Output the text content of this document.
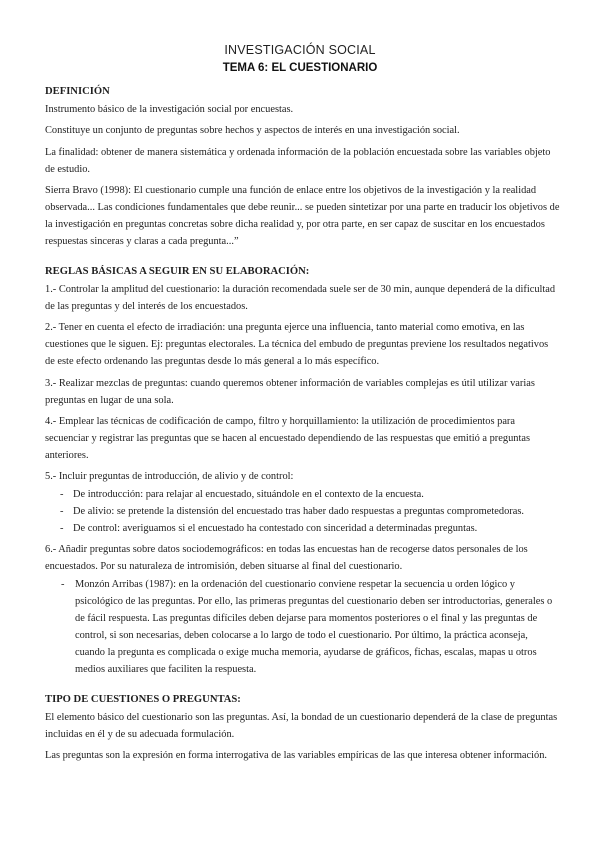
INVESTIGACIÓN SOCIAL
TEMA 6: EL CUESTIONARIO
DEFINICIÓN
Instrumento básico de la investigación social por encuestas.
Constituye un conjunto de preguntas sobre hechos y aspectos de interés en una investigación social.
La finalidad: obtener de manera sistemática y ordenada información de la población encuestada sobre las variables objeto de estudio.
Sierra Bravo (1998): El cuestionario cumple una función de enlace entre los objetivos de la investigación y la realidad observada... Las condiciones fundamentales que debe reunir... se pueden sintetizar por una parte en traducir los objetivos de la investigación en preguntas concretas sobre dicha realidad y, por otra parte, en ser capaz de suscitar en los encuestados respuestas sinceras y claras a cada pregunta...”
REGLAS BÁSICAS A SEGUIR EN SU ELABORACIÓN:
1.- Controlar la amplitud del cuestionario: la duración recomendada suele ser de 30 min, aunque dependerá de la dificultad de las preguntas y del interés de los encuestados.
2.- Tener en cuenta el efecto de irradiación: una pregunta ejerce una influencia, tanto material como emotiva, en las cuestiones que le siguen. Ej: preguntas electorales. La técnica del embudo de preguntas previene los resultados negativos de este efecto ordenando las preguntas desde lo más general a lo más específico.
3.- Realizar mezclas de preguntas: cuando queremos obtener información de variables complejas es útil utilizar varias preguntas en lugar de una sola.
4.- Emplear las técnicas de codificación de campo, filtro y horquillamiento: la utilización de procedimientos para secuenciar y registrar las preguntas que se hacen al encuestado dependiendo de las respuestas que emitió a preguntas anteriores.
5.- Incluir preguntas de introducción, de alivio y de control:
- De introducción: para relajar al encuestado, situándole en el contexto de la encuesta.
- De alivio: se pretende la distensión del encuestado tras haber dado respuestas a preguntas comprometedoras.
- De control: averiguamos si el encuestado ha contestado con sinceridad a determinadas preguntas.
6.- Añadir preguntas sobre datos sociodemográficos: en todas las encuestas han de recogerse datos personales de los encuestados. Por su naturaleza de intromisión, deben situarse al final del cuestionario.
- Monzón Arribas (1987): en la ordenación del cuestionario conviene respetar la secuencia u orden lógico y psicológico de las preguntas. Por ello, las primeras preguntas del cuestionario deben ser introductorias, generales o de fácil respuesta. Las preguntas difíciles deben dejarse para momentos posteriores o el final y las preguntas de control, si son necesarias, deben colocarse a lo largo de todo el cuestionario. Por último, la práctica aconseja, cuando la pregunta es complicada o exige mucha memoria, ayudarse de gráficos, fichas, escalas, mapas u otros medios auxiliares que faciliten la respuesta.
TIPO DE CUESTIONES O PREGUNTAS:
El elemento básico del cuestionario son las preguntas. Así, la bondad de un cuestionario dependerá de la clase de preguntas incluidas en él y de su adecuada formulación.
Las preguntas son la expresión en forma interrogativa de las variables empíricas de las que interesa obtener información.
